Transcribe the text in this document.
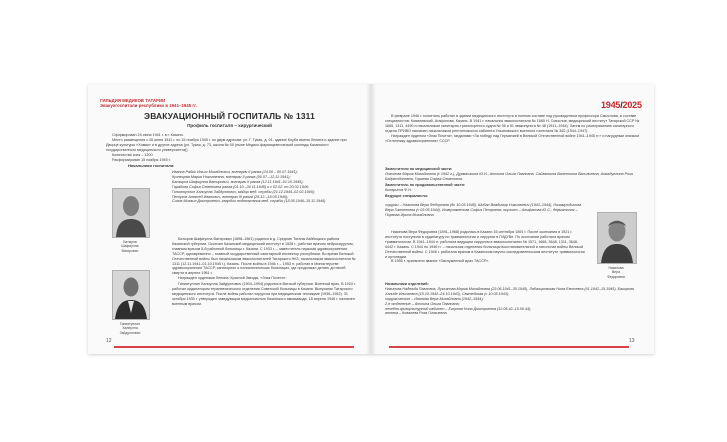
ГИЛЬДИЯ МЕДИКОВ ТАТАРИИ
Эвакуогоспитали республики в 1941–1945 гг.
ЭВАКУАЦИОННЫЙ ГОСПИТАЛЬ № 1311
Профиль госпиталя – хирургический

Сформирован 24 июня 1941 г. в г. Казани.

Место размещения с 26 июня 1941 г. по 15 ноября 1945 г. по двум адресам: ул. Г. Тукая, д. 91, здание Клуба имени Ленина и здание при Дворце культуры «Химик» и в другие адреса (ул. Тукая, д. 73, школа № 00 (ныне Медико-фармацевтический колледж Казанского государственного медицинского университета)).

Количество коек – 1200.

Расформирован 15 ноября 1945 г.

Начальники госпиталя:

Иванов Райко Ильич Михайлович, военврач II ранга (24.06 – 00.07.1941);

Кузнецова Мария Николаевна, военврач II ранга (00.07.–12.11.1941);

Батыров Шафиулла Ватирович, военврач II ранга (12.11.1941–01.10.1945);

Гарайова Софья Семеновна ранга (01.10.–30.11.1945) и с 02.02. по 20.02.1946;

Гиниятуллин Халиулла Зайдуллович, майор мед. службы (21.12.1945–02.02.1946);

Петухов Алексей Иванович, военврач III ранга (25.12.–15.05.1946);

Сизов Михаил Дмитриевич, гвардии подполковник мед. службы (15.05.1946–15.11.1946).

Батыров
Шафиулла
Ватирович

Батыров Шафиулла Ватирович (1898–1961) родился в д. Средние Тиганы Кайбицкого района Казанской губернии. Окончил Казанский медицинский институт в 1928 г., работал врачом нейрохирургом, главным врачом 5-й районной больницы г. Казани. С 1933 г. – заместитель наркома здравоохранения ТАССР, одновременно – главный государственный санитарный инспектор республики. Во время Великой Отечественной войны был начальником эвакогоспиталей Татарского НКЗ, начальником эвакогоспиталя № 1311 (12.11.1941–01.10.1945 г.), Казань. После войны в 1946 г. – 1953 гг. работал в Министерстве здравоохранения ТАССР, санаториях и поликлинических больницах, где продолжал делать до своей смерти в апреле 1961 г.

Награжден орденами Ленина, Красной Звезды, «Знак Почета».

Гиниятуллин Халиулла Зайдуллович (1904–1994) родился в Вятской губернии. Военный врач. В 1924 г. работал ординатором терапевтического отделения Советской больницы в Казани. Выпускник Татарского медицинского института. После войны работал хирургом при медицинском техникуме (1936–1952). 31 октября 1935 г. утвержден заведующим медсанчастью Казанского авиазавода, 18 апреля 1946 г. назначен военным врачом.

Гиниятуллин
Халиулла
Зайдуллович
12
1945/2025

В феврале 1946 г. госпиталь работал в здании медицинского института в полном составе под руководством профессора Смыслова, в составе специалистов: Ковалевский, Агафонова, Казань. В 1941 г. начальник эвакогоспиталя № 1665 Н. Смыслов, медицинский институт Татарской ССР № 1665, 1311, 4490 и начальником санитарно-транспортного судна № 36 и 51 эвакопункта № 48 (1941–1944). Затем по распоряжению санитарного отдела ПРИВО назначен начальником рентгеновского кабинета Ульяновского военного госпиталя № 362 (1944–1947).

Награжден орденом «Знак Почета», медалями «За победу над Германией в Великой Отечественной войне 1941–1945 гг.» и нагрудным значком «Отличнику здравоохранения» СССР.

Заместители по медицинской части:

Локонова Мария Михайловна (с 1942 г.), Дурмашкина Ю.И., Анохина Ольга Павловна, Сайганкина Валентина Васильевна, Ахмадуллина Роза Бадретдиновна, Гараева Софья Семеновна.

Заместитель по продовольственной части:

Кипарисов Ф.Н.

Ведущие специалисты:

хирурги – Назипова Вера Федоровна (до 10.03.1948), Шибан Владимир Николаевич (1943–1944), Низамутдинова Вера Гимченовна (с 03.05.1944), Ишмухаметова Софья Петровна; окулист – Алифанова Ю.С., дерматолог – Пирвова Ирина Михайловна.

Назипова Вера Федоровна (1891–1968) родилась в Казани 16 сентября 1891 г. После окончания в 1921 г. института поступила в ординатуру по травматологии и хирургии в ГИДУВе. По окончании работала врачом травматологом. В 1941–1944 гг. работала ведущим хирургом в эвакогоспиталях № 1571, 1668, 3648, 1311, 3648, 4442 г. Казань. С 1944 по 1946 гг. – начальник отделения больницы восстановительной и патологии войны Великой Отечественной войны. С 1946 г. работала врачом в Казанском научно-исследовательском институте травматологии и ортопедии.

В 1956 г. присвоено звание «Заслуженный врач ТАССР».

Назипова
Вера
Федоровна

Начальники отделений:

Назипова Надежда Павловна, Лукьянова Мария Михайловна (23.06.1941–30.1945), Лабазировская Нина Евстевна (01.1942–15.1945), Бакирова Халиде Ильнаевна (15.10.1942–24.10.1943), Святейская (с 10.05.1943);

хирургическое – Иванова Вера Михайловна (1942–1944);

2-е отделение – Анохина Ольга Павловна;

лечебно-физкультурный кабинет – Егорова Нина Дмитриевна (12.05.42–15.06.44);

аптека – Ковалева Роза Гимзиевна.

13
